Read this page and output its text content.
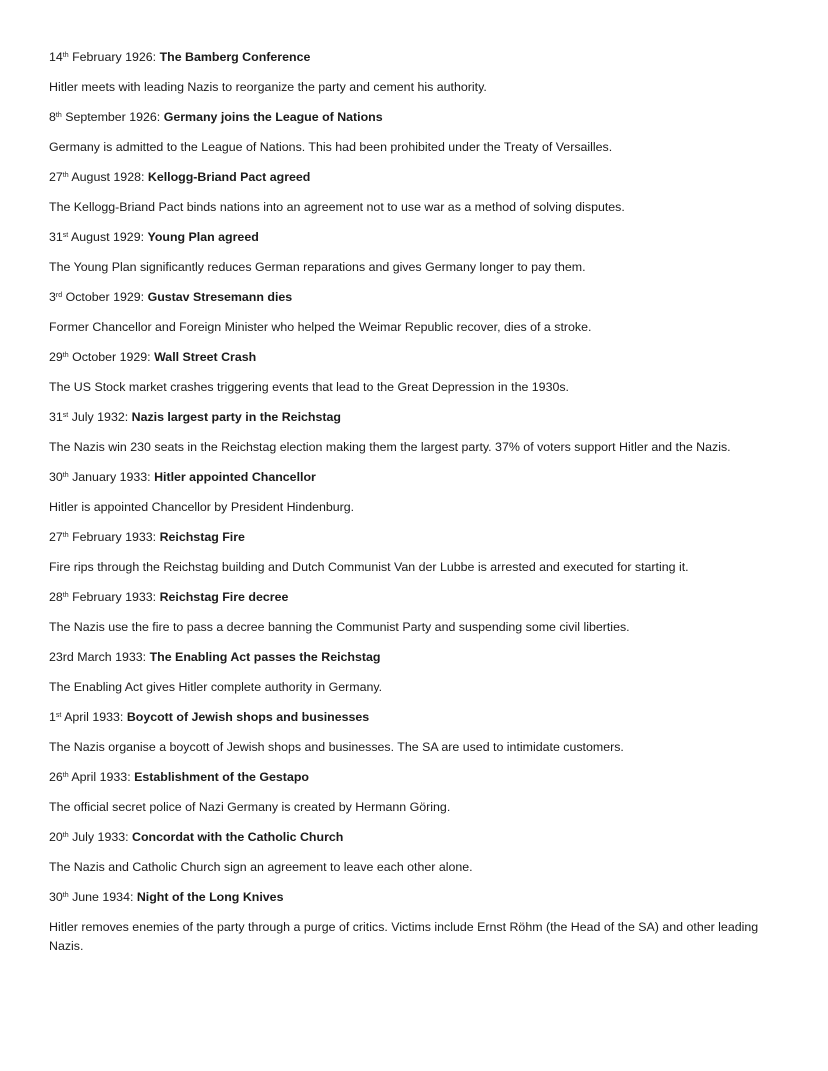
14th February 1926: The Bamberg Conference

Hitler meets with leading Nazis to reorganize the party and cement his authority.

8th September 1926: Germany joins the League of Nations

Germany is admitted to the League of Nations. This had been prohibited under the Treaty of Versailles.

27th August 1928: Kellogg-Briand Pact agreed

The Kellogg-Briand Pact binds nations into an agreement not to use war as a method of solving disputes.

31st August 1929: Young Plan agreed

The Young Plan significantly reduces German reparations and gives Germany longer to pay them.

3rd October 1929: Gustav Stresemann dies

Former Chancellor and Foreign Minister who helped the Weimar Republic recover, dies of a stroke.

29th October 1929: Wall Street Crash

The US Stock market crashes triggering events that lead to the Great Depression in the 1930s.

31st July 1932: Nazis largest party in the Reichstag

The Nazis win 230 seats in the Reichstag election making them the largest party. 37% of voters support Hitler and the Nazis.

30th January 1933: Hitler appointed Chancellor

Hitler is appointed Chancellor by President Hindenburg.

27th February 1933: Reichstag Fire

Fire rips through the Reichstag building and Dutch Communist Van der Lubbe is arrested and executed for starting it.

28th February 1933: Reichstag Fire decree

The Nazis use the fire to pass a decree banning the Communist Party and suspending some civil liberties.

23rd March 1933: The Enabling Act passes the Reichstag

The Enabling Act gives Hitler complete authority in Germany.

1st April 1933: Boycott of Jewish shops and businesses

The Nazis organise a boycott of Jewish shops and businesses. The SA are used to intimidate customers.

26th April 1933: Establishment of the Gestapo

The official secret police of Nazi Germany is created by Hermann Göring.

20th July 1933: Concordat with the Catholic Church

The Nazis and Catholic Church sign an agreement to leave each other alone.

30th June 1934: Night of the Long Knives

Hitler removes enemies of the party through a purge of critics. Victims include Ernst Röhm (the Head of the SA) and other leading Nazis.
